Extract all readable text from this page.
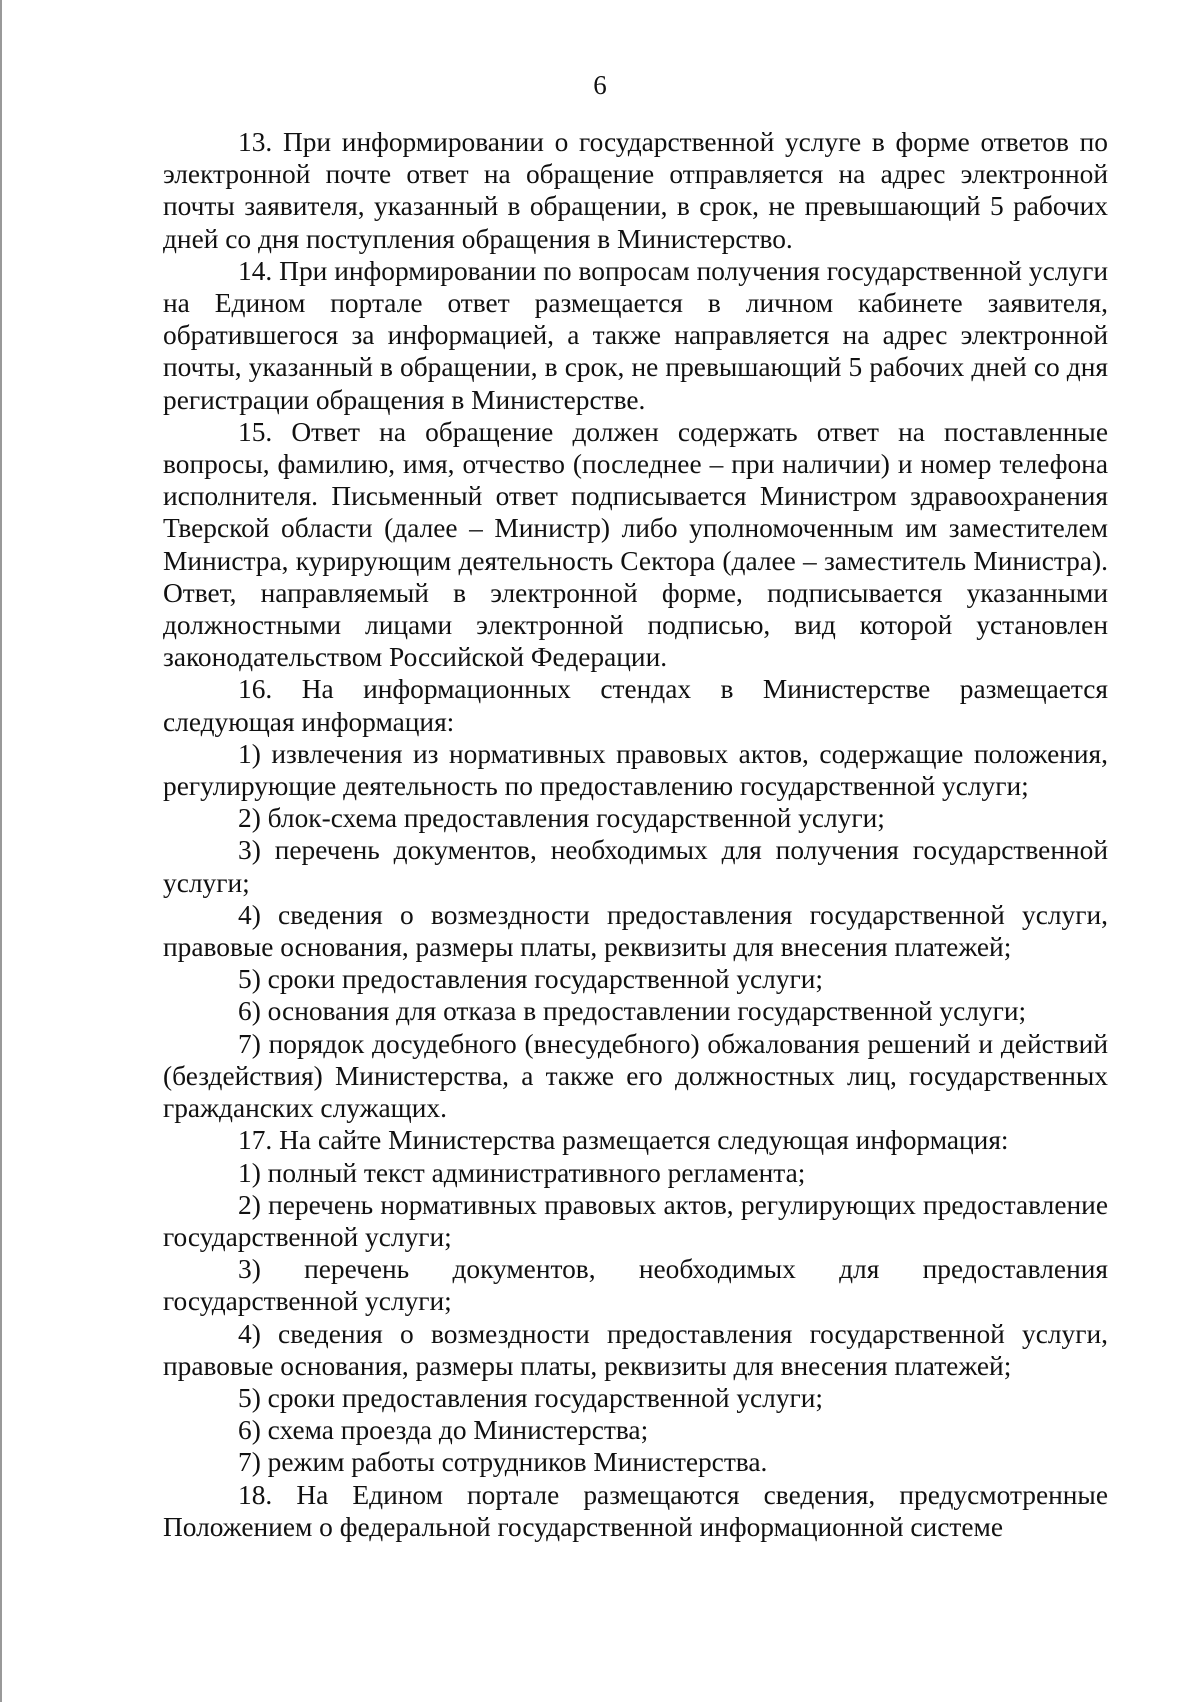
6

13. При информировании о государственной услуге в форме ответов по электронной почте ответ на обращение отправляется на адрес электронной почты заявителя, указанный в обращении, в срок, не превышающий 5 рабочих дней со дня поступления обращения в Министерство.

14. При информировании по вопросам получения государственной услуги на Едином портале ответ размещается в личном кабинете заявителя, обратившегося за информацией, а также направляется на адрес электронной почты, указанный в обращении, в срок, не превышающий 5 рабочих дней со дня регистрации обращения в Министерстве.

15. Ответ на обращение должен содержать ответ на поставленные вопросы, фамилию, имя, отчество (последнее – при наличии) и номер телефона исполнителя. Письменный ответ подписывается Министром здравоохранения Тверской области (далее – Министр) либо уполномоченным им заместителем Министра, курирующим деятельность Сектора (далее – заместитель Министра). Ответ, направляемый в электронной форме, подписывается указанными должностными лицами электронной подписью, вид которой установлен законодательством Российской Федерации.

16. На информационных стендах в Министерстве размещается следующая информация:

1) извлечения из нормативных правовых актов, содержащие положения, регулирующие деятельность по предоставлению государственной услуги;

2) блок-схема предоставления государственной услуги;

3) перечень документов, необходимых для получения государственной услуги;

4) сведения о возмездности предоставления государственной услуги, правовые основания, размеры платы, реквизиты для внесения платежей;

5) сроки предоставления государственной услуги;

6) основания для отказа в предоставлении государственной услуги;

7) порядок досудебного (внесудебного) обжалования решений и действий (бездействия) Министерства, а также его должностных лиц, государственных гражданских служащих.

17. На сайте Министерства размещается следующая информация:

1) полный текст административного регламента;

2) перечень нормативных правовых актов, регулирующих предоставление государственной услуги;

3) перечень документов, необходимых для предоставления государственной услуги;

4) сведения о возмездности предоставления государственной услуги, правовые основания, размеры платы, реквизиты для внесения платежей;

5) сроки предоставления государственной услуги;

6) схема проезда до Министерства;

7) режим работы сотрудников Министерства.

18. На Едином портале размещаются сведения, предусмотренные Положением о федеральной государственной информационной системе
